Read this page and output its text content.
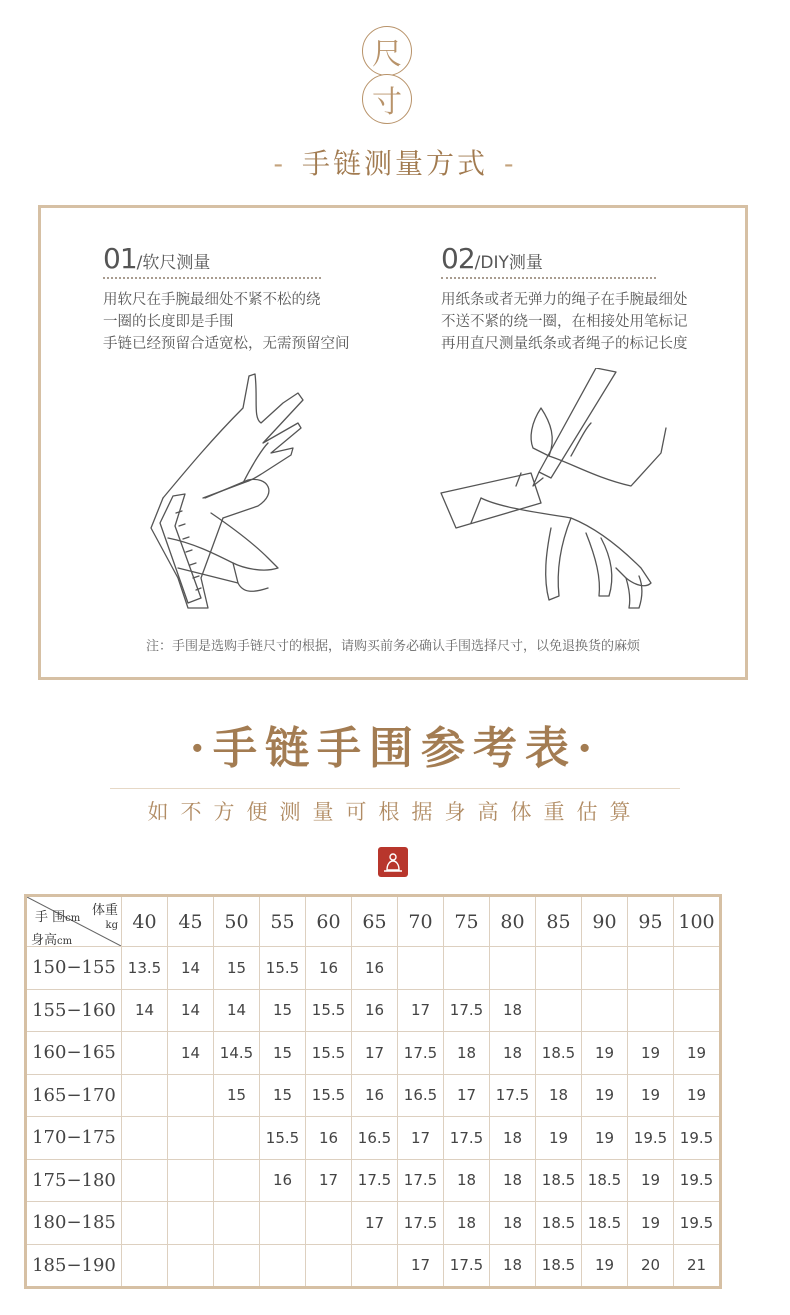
尺
寸
- 手链测量方式 -
01/软尺测量
用软尺在手腕最细处不紧不松的绕
一圈的长度即是手围
手链已经预留合适宽松，无需预留空间
02/DIY测量
用纸条或者无弹力的绳子在手腕最细处
不送不紧的绕一圈，在相接处用笔标记
再用直尺测量纸条或者绳子的标记长度
注：手围是选购手链尺寸的根据，请购买前务必确认手围选择尺寸，以免退换货的麻烦
·手链手围参考表·
如不方便测量可根据身高体重估算
手 围cm
体重
kg
身高cm	40	45	50	55	60	65	70	75	80	85	90	95	100
150−155	13.5	14	15	15.5	16	16							
155−160	14	14	14	15	15.5	16	17	17.5	18				
160−165		14	14.5	15	15.5	17	17.5	18	18	18.5	19	19	19
165−170			15	15	15.5	16	16.5	17	17.5	18	19	19	19
170−175				15.5	16	16.5	17	17.5	18	19	19	19.5	19.5
175−180				16	17	17.5	17.5	18	18	18.5	18.5	19	19.5
180−185						17	17.5	18	18	18.5	18.5	19	19.5
185−190							17	17.5	18	18.5	19	20	21
